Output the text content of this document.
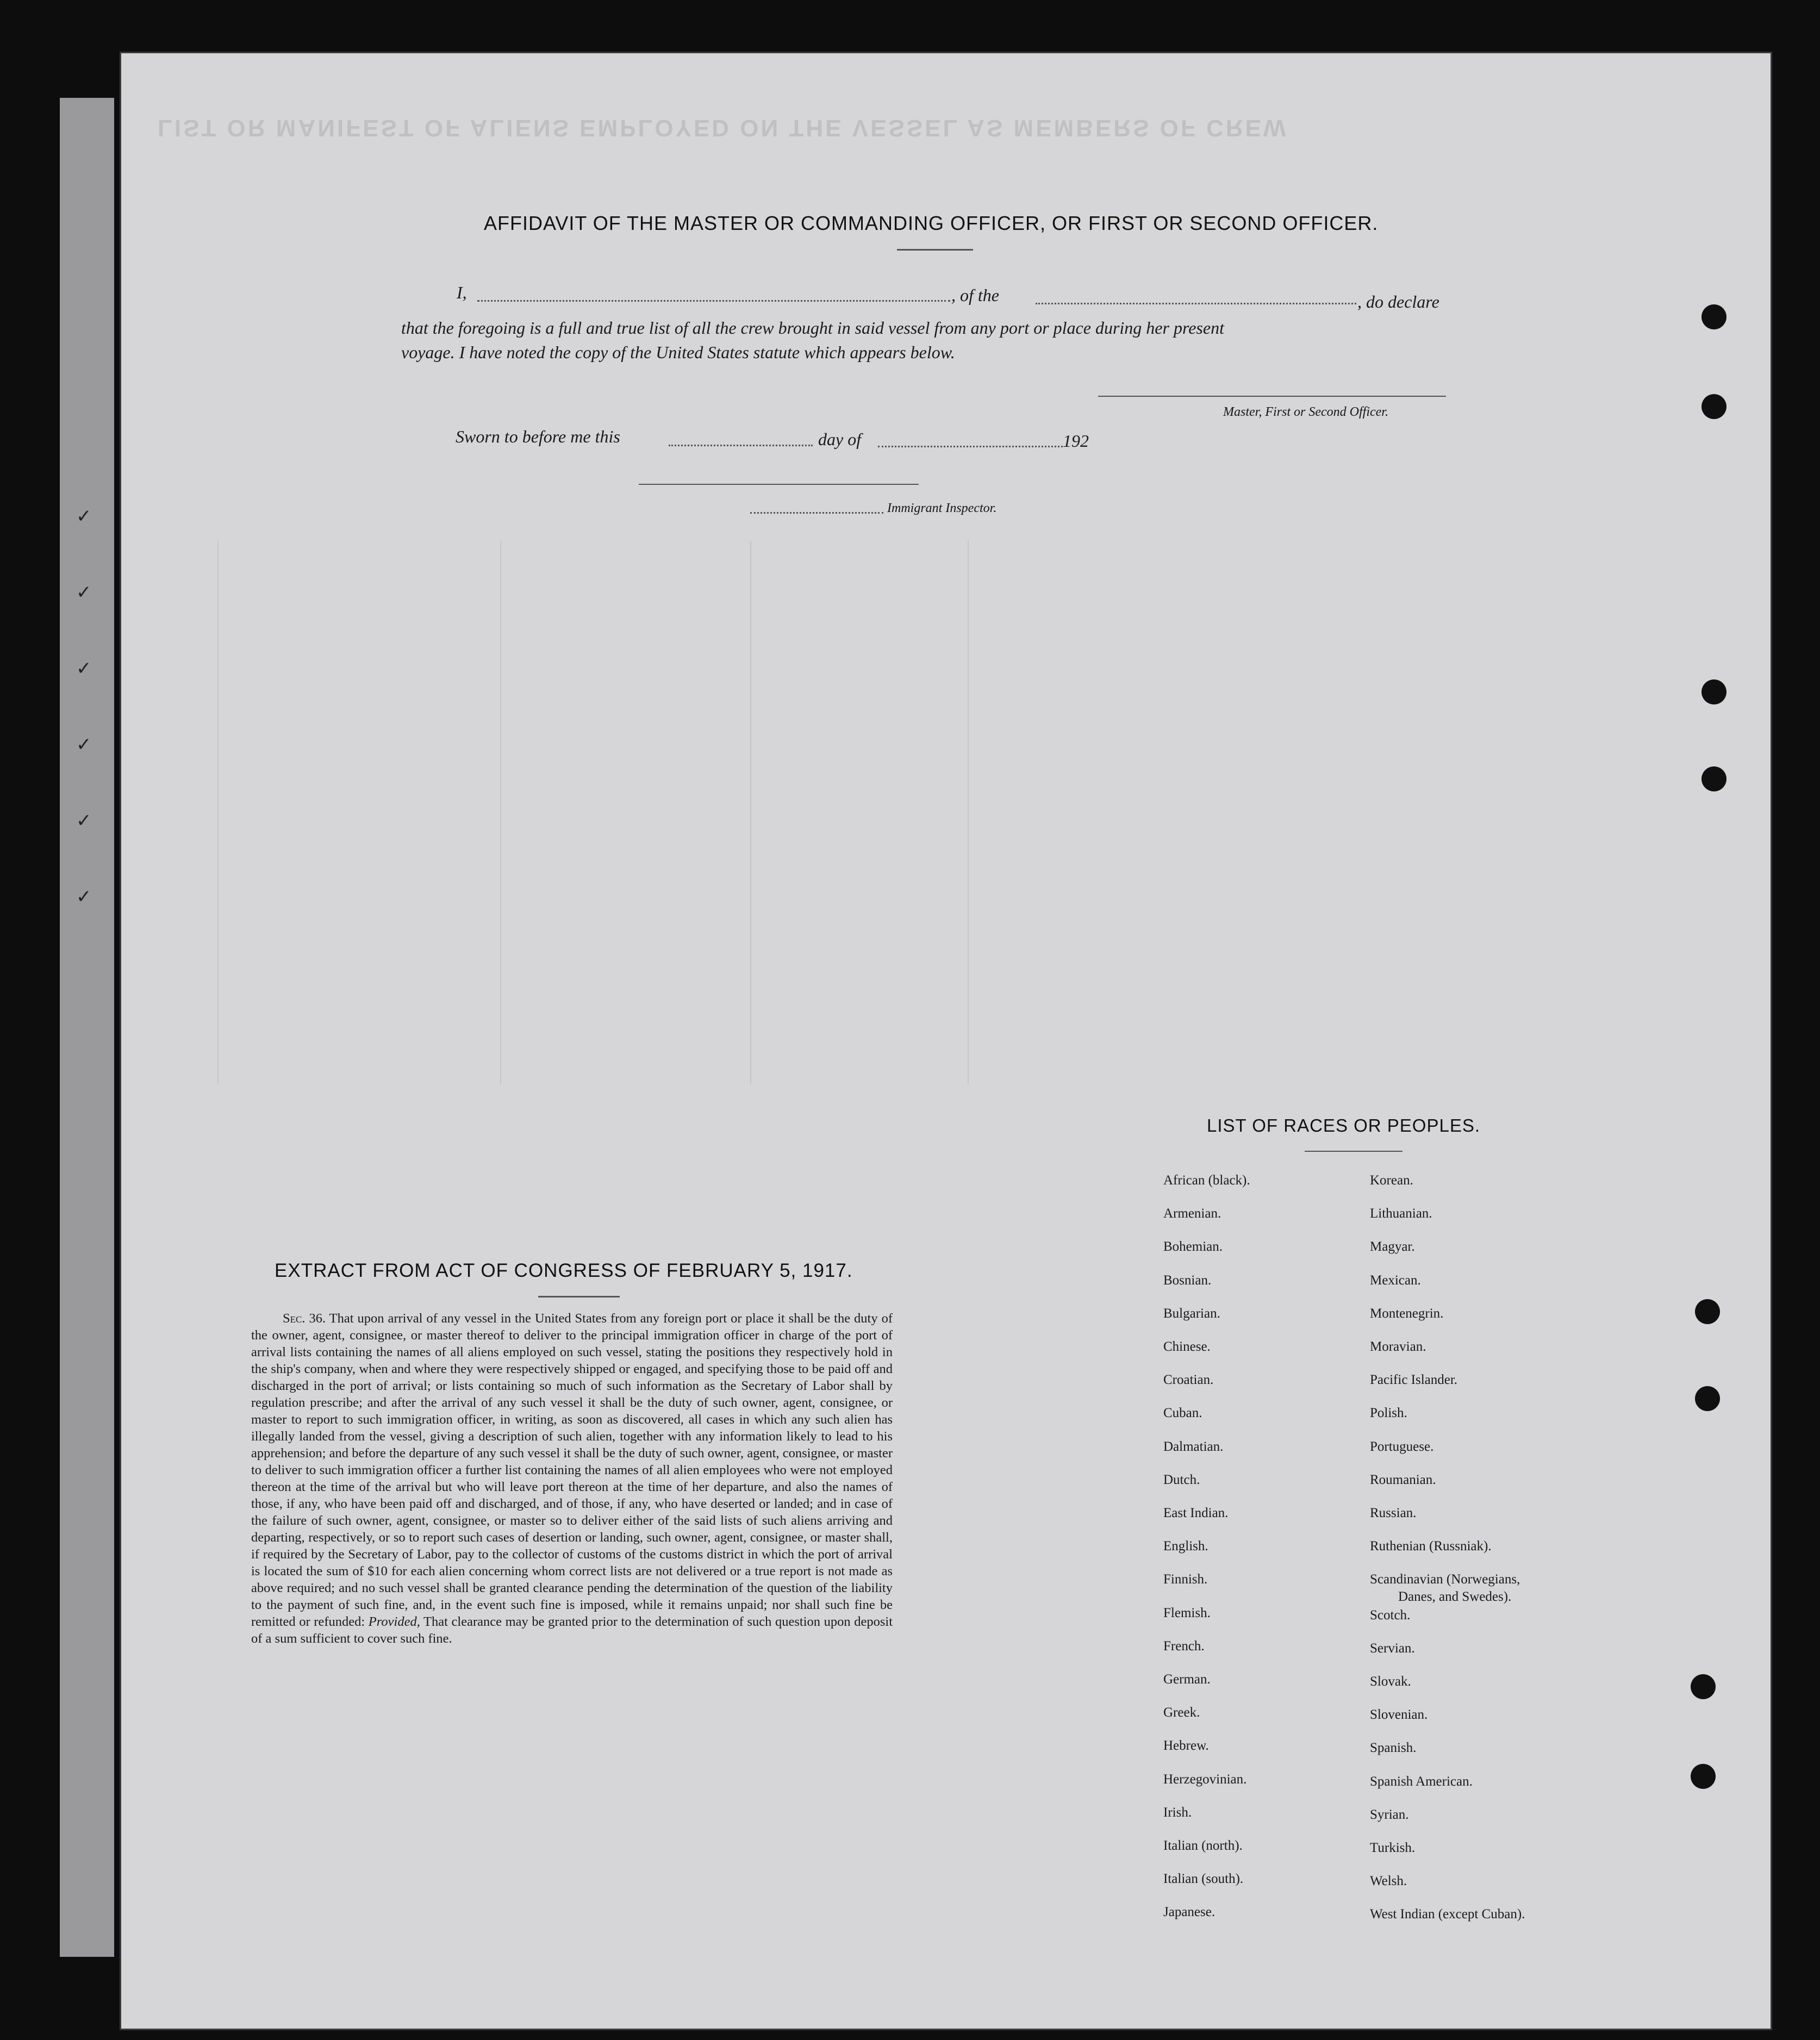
✓
✓
✓
✓
✓
✓
LIST OR MANIFEST OF ALIENS EMPLOYED ON THE VESSEL AS MEMBERS OF CREW
AFFIDAVIT OF THE MASTER OR COMMANDING OFFICER, OR FIRST OR SECOND OFFICER.
I,	, of the	, do declare
that the foregoing is a full and true list of all the crew brought in said vessel from any port or place during her present
voyage. I have noted the copy of the United States statute which appears below.
Master, First or Second Officer.
Sworn to before me this	day of	192
Immigrant Inspector.
EXTRACT FROM ACT OF CONGRESS OF FEBRUARY 5, 1917.
Sec. 36. That upon arrival of any vessel in the United States from any foreign port or place it shall be the duty of the owner, agent, consignee, or master thereof to deliver to the principal immigration officer in charge of the port of arrival lists containing the names of all aliens employed on such vessel, stating the positions they respectively hold in the ship's company, when and where they were respectively shipped or engaged, and specifying those to be paid off and discharged in the port of arrival; or lists containing so much of such information as the Secretary of Labor shall by regulation prescribe; and after the arrival of any such vessel it shall be the duty of such owner, agent, consignee, or master to report to such immigration officer, in writing, as soon as discovered, all cases in which any such alien has illegally landed from the vessel, giving a description of such alien, together with any information likely to lead to his apprehension; and before the departure of any such vessel it shall be the duty of such owner, agent, consignee, or master to deliver to such immigration officer a further list containing the names of all alien employees who were not employed thereon at the time of the arrival but who will leave port thereon at the time of her departure, and also the names of those, if any, who have been paid off and discharged, and of those, if any, who have deserted or landed; and in case of the failure of such owner, agent, consignee, or master so to deliver either of the said lists of such aliens arriving and departing, respectively, or so to report such cases of desertion or landing, such owner, agent, consignee, or master shall, if required by the Secretary of Labor, pay to the collector of customs of the customs district in which the port of arrival is located the sum of $10 for each alien concerning whom correct lists are not delivered or a true report is not made as above required; and no such vessel shall be granted clearance pending the determination of the question of the liability to the payment of such fine, and, in the event such fine is imposed, while it remains unpaid; nor shall such fine be remitted or refunded: Provided, That clearance may be granted prior to the determination of such question upon deposit of a sum sufficient to cover such fine.
LIST OF RACES OR PEOPLES.
African (black).
Armenian.
Bohemian.
Bosnian.
Bulgarian.
Chinese.
Croatian.
Cuban.
Dalmatian.
Dutch.
East Indian.
English.
Finnish.
Flemish.
French.
German.
Greek.
Hebrew.
Herzegovinian.
Irish.
Italian (north).
Italian (south).
Japanese.
Korean.
Lithuanian.
Magyar.
Mexican.
Montenegrin.
Moravian.
Pacific Islander.
Polish.
Portuguese.
Roumanian.
Russian.
Ruthenian (Russniak).
Scandinavian (Norwegians,
Danes, and Swedes).
Scotch.
Servian.
Slovak.
Slovenian.
Spanish.
Spanish American.
Syrian.
Turkish.
Welsh.
West Indian (except Cuban).
